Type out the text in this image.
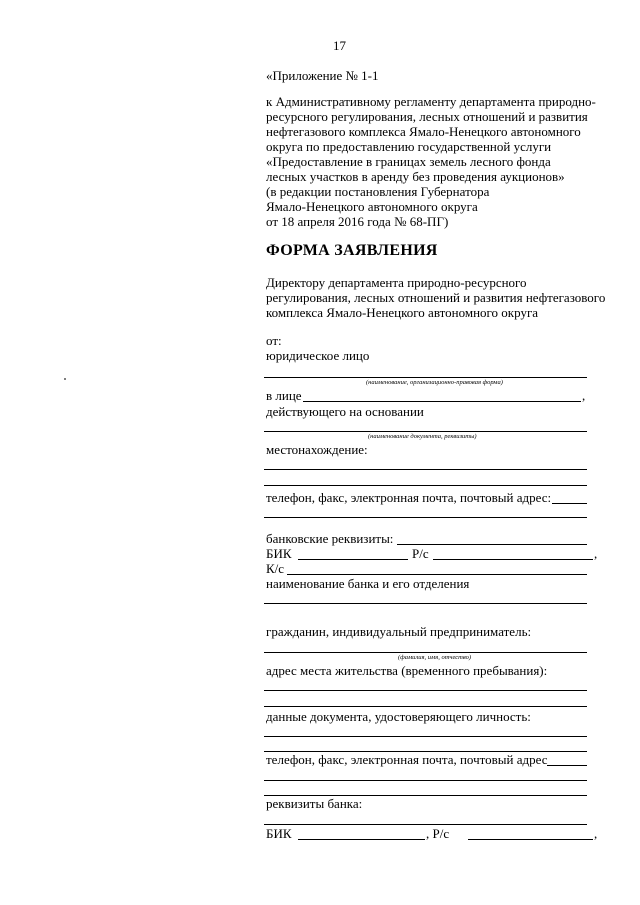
17
«Приложение № 1-1
к Административному регламенту департамента природно-
ресурсного регулирования, лесных отношений и развития
нефтегазового комплекса Ямало-Ненецкого автономного
округа по предоставлению государственной услуги
«Предоставление в границах земель лесного фонда
лесных участков в аренду без проведения аукционов»
(в редакции постановления Губернатора
Ямало-Ненецкого автономного округа
от 18 апреля 2016 года № 68-ПГ)
ФОРМА ЗАЯВЛЕНИЯ
Директору департамента природно-ресурсного
регулирования, лесных отношений и развития нефтегазового
комплекса Ямало-Ненецкого автономного округа
от:
юридическое лицо
(наименование, организационно-правовая форма)
в лице	,
действующего на основании
(наименование документа, реквизиты)
местонахождение:
телефон, факс, электронная почта, почтовый адрес:
банковские реквизиты:
БИК	Р/с	,
К/с
наименование банка и его отделения
гражданин, индивидуальный предприниматель:
(фамилия, имя, отчество)
адрес места жительства (временного пребывания):
данные документа, удостоверяющего личность:
телефон, факс, электронная почта, почтовый адрес
реквизиты банка:
БИК	, Р/с	,
